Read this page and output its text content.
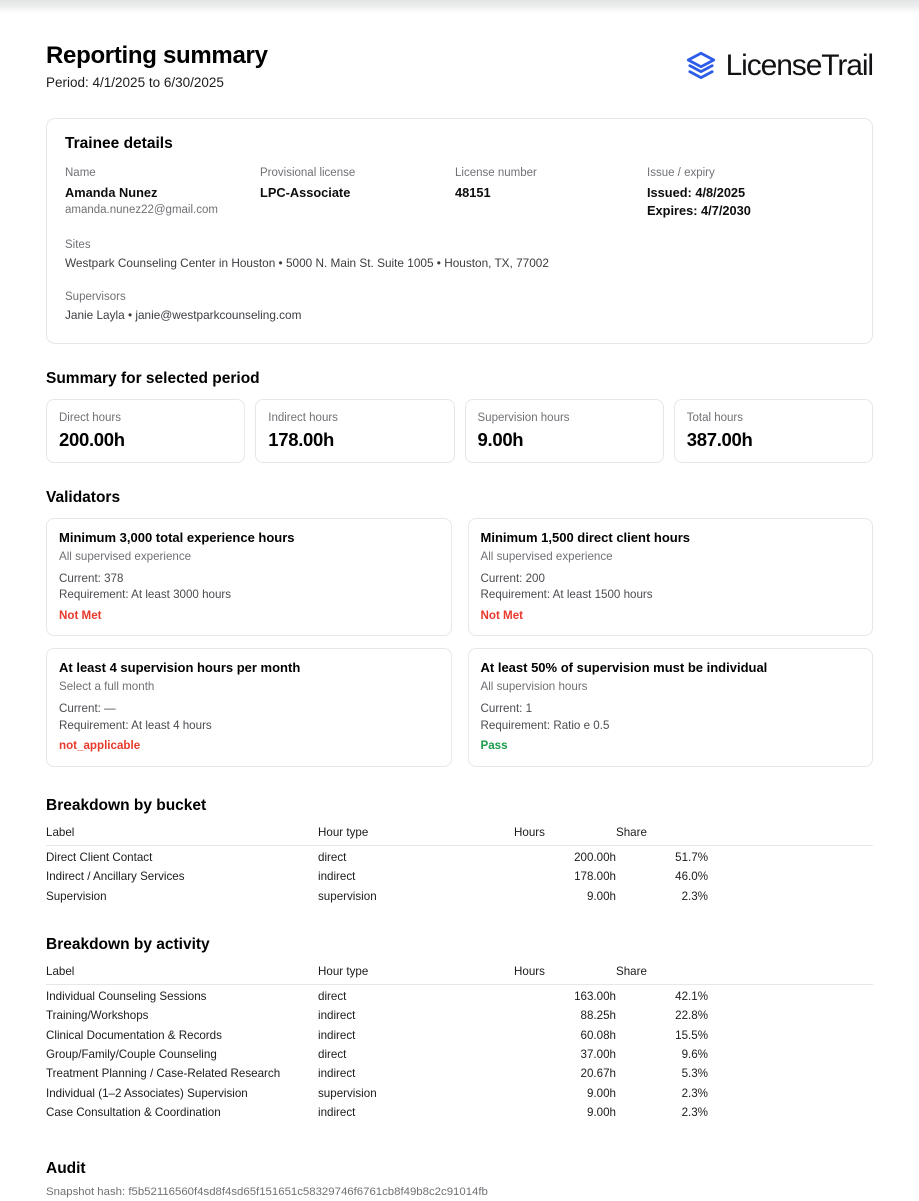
Reporting summary
Period: 4/1/2025 to 6/30/2025
LicenseTrail
Trainee details
Name
Amanda Nunez
amanda.nunez22@gmail.com
Provisional license
LPC-Associate
License number
48151
Issue / expiry
Issued: 4/8/2025
Expires: 4/7/2030
Sites
Westpark Counseling Center in Houston • 5000 N. Main St. Suite 1005 • Houston, TX, 77002
Supervisors
Janie Layla • janie@westparkcounseling.com
Summary for selected period
Direct hours
200.00h
Indirect hours
178.00h
Supervision hours
9.00h
Total hours
387.00h
Validators
Minimum 3,000 total experience hours
All supervised experience
Current: 378
Requirement: At least 3000 hours
Not Met
Minimum 1,500 direct client hours
All supervised experience
Current: 200
Requirement: At least 1500 hours
Not Met
At least 4 supervision hours per month
Select a full month
Current: —
Requirement: At least 4 hours
not_applicable
At least 50% of supervision must be individual
All supervision hours
Current: 1
Requirement: Ratio e 0.5
Pass
Breakdown by bucket
Label	Hour type	Hours	Share	
Direct Client Contact	direct	200.00h	51.7%	
Indirect / Ancillary Services	indirect	178.00h	46.0%	
Supervision	supervision	9.00h	2.3%	
Breakdown by activity
Label	Hour type	Hours	Share	
Individual Counseling Sessions	direct	163.00h	42.1%	
Training/Workshops	indirect	88.25h	22.8%	
Clinical Documentation & Records	indirect	60.08h	15.5%	
Group/Family/Couple Counseling	direct	37.00h	9.6%	
Treatment Planning / Case-Related Research	indirect	20.67h	5.3%	
Individual (1–2 Associates) Supervision	supervision	9.00h	2.3%	
Case Consultation & Coordination	indirect	9.00h	2.3%	
Audit
Snapshot hash: f5b52116560f4sd8f4sd65f151651c58329746f6761cb8f49b8c2c91014fb
